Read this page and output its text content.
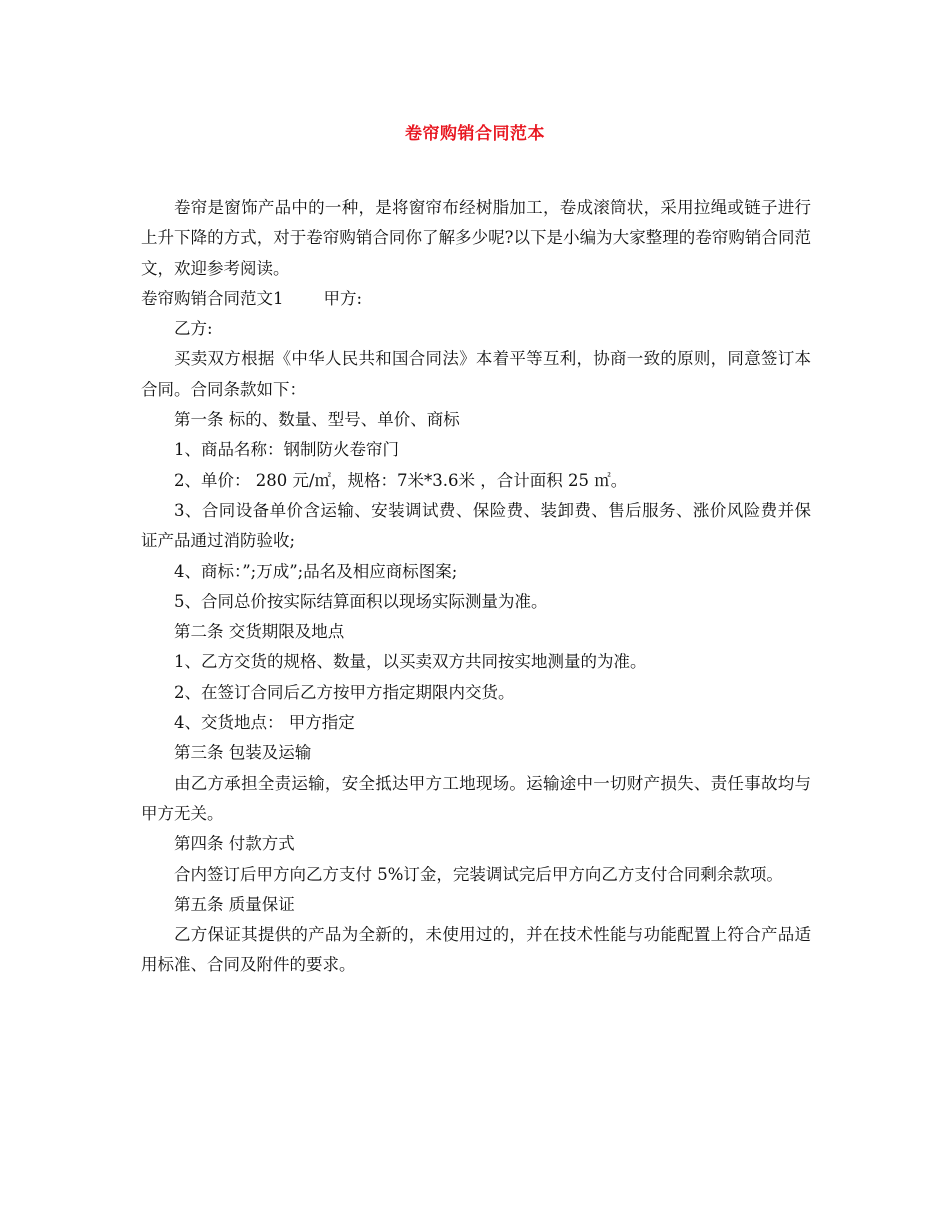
卷帘购销合同范本

卷帘是窗饰产品中的一种，是将窗帘布经树脂加工，卷成滚筒状，采用拉绳或链子进行上升下降的方式，对于卷帘购销合同你了解多少呢?以下是小编为大家整理的卷帘购销合同范文，欢迎参考阅读。

卷帘购销合同范文1 甲方:

乙方:

买卖双方根据《中华人民共和国合同法》本着平等互利，协商一致的原则，同意签订本合同。合同条款如下：

第一条 标的、数量、型号、单价、商标

1、商品名称：钢制防火卷帘门

2、单价： 280 元/㎡，规格：7米*3.6米 ，合计面积 25 ㎡。

3、合同设备单价含运输、安装调试费、保险费、装卸费、售后服务、涨价风险费并保证产品通过消防验收;

4、商标：”;万成”;品名及相应商标图案;

5、合同总价按实际结算面积以现场实际测量为准。

第二条 交货期限及地点

1、乙方交货的规格、数量，以买卖双方共同按实地测量的为准。

2、在签订合同后乙方按甲方指定期限内交货。

4、交货地点： 甲方指定

第三条 包装及运输

由乙方承担全责运输，安全抵达甲方工地现场。运输途中一切财产损失、责任事故均与甲方无关。

第四条 付款方式

合内签订后甲方向乙方支付 5%订金，完装调试完后甲方向乙方支付合同剩余款项。

第五条 质量保证

乙方保证其提供的产品为全新的，未使用过的，并在技术性能与功能配置上符合产品适用标准、合同及附件的要求。
